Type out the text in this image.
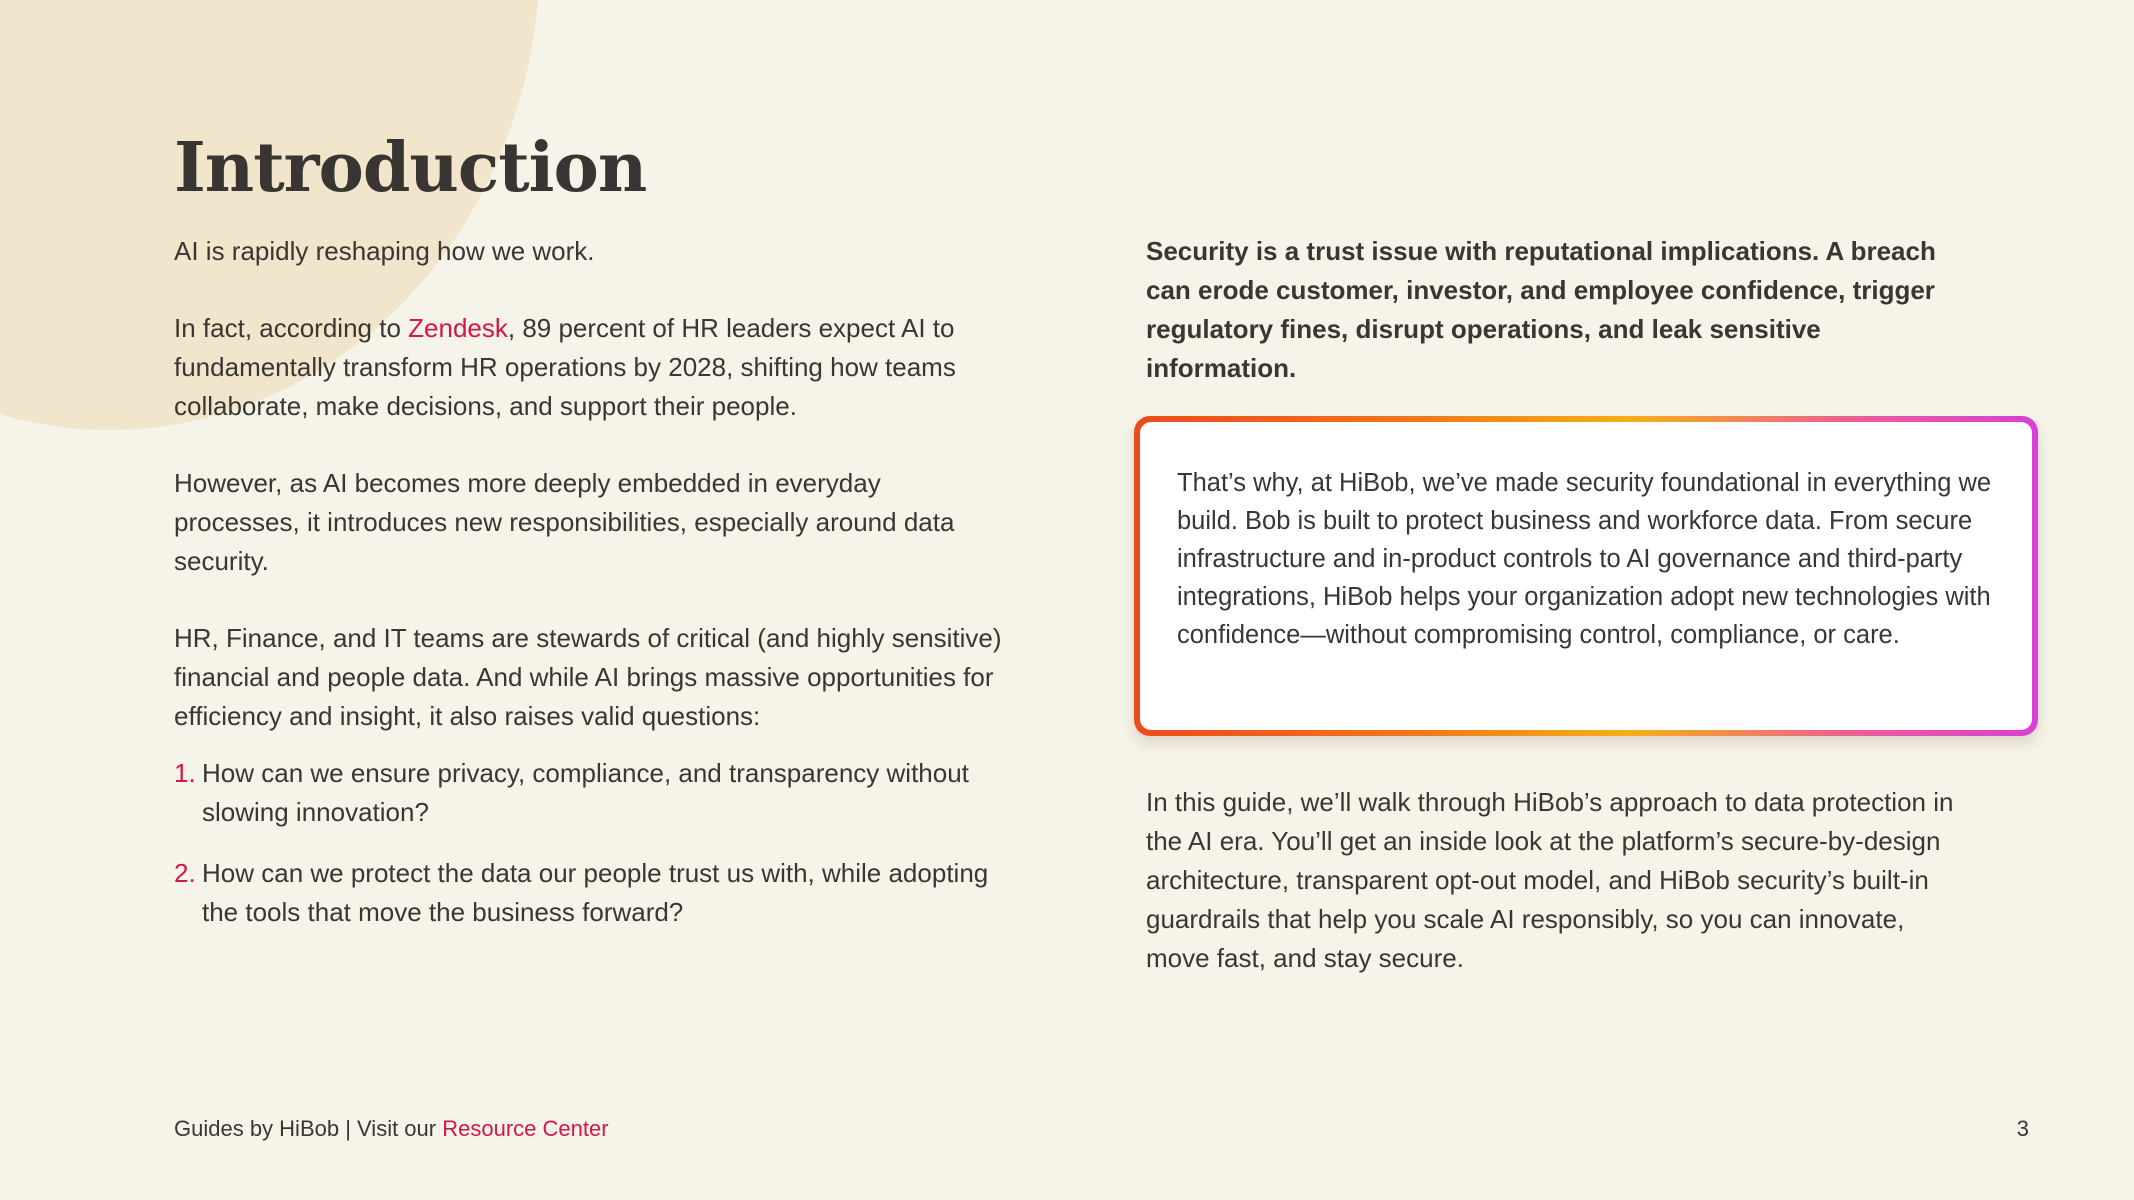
Introduction

AI is rapidly reshaping how we work.

In fact, according to Zendesk, 89 percent of HR leaders expect AI to fundamentally transform HR operations by 2028, shifting how teams collaborate, make decisions, and support their people.

However, as AI becomes more deeply embedded in everyday processes, it introduces new responsibilities, especially around data security.

HR, Finance, and IT teams are stewards of critical (and highly sensitive) financial and people data. And while AI brings massive opportunities for efficiency and insight, it also raises valid questions:

1. How can we ensure privacy, compliance, and transparency without slowing innovation?
2. How can we protect the data our people trust us with, while adopting the tools that move the business forward?

Security is a trust issue with reputational implications. A breach can erode customer, investor, and employee confidence, trigger regulatory fines, disrupt operations, and leak sensitive information.

That’s why, at HiBob, we’ve made security foundational in everything we build. Bob is built to protect business and workforce data. From secure infrastructure and in-product controls to AI governance and third-party integrations, HiBob helps your organization adopt new technologies with confidence—without compromising control, compliance, or care.

In this guide, we’ll walk through HiBob’s approach to data protection in the AI era. You’ll get an inside look at the platform’s secure-by-design architecture, transparent opt-out model, and HiBob security’s built-in guardrails that help you scale AI responsibly, so you can innovate, move fast, and stay secure.

Guides by HiBob | Visit our Resource Center	3
